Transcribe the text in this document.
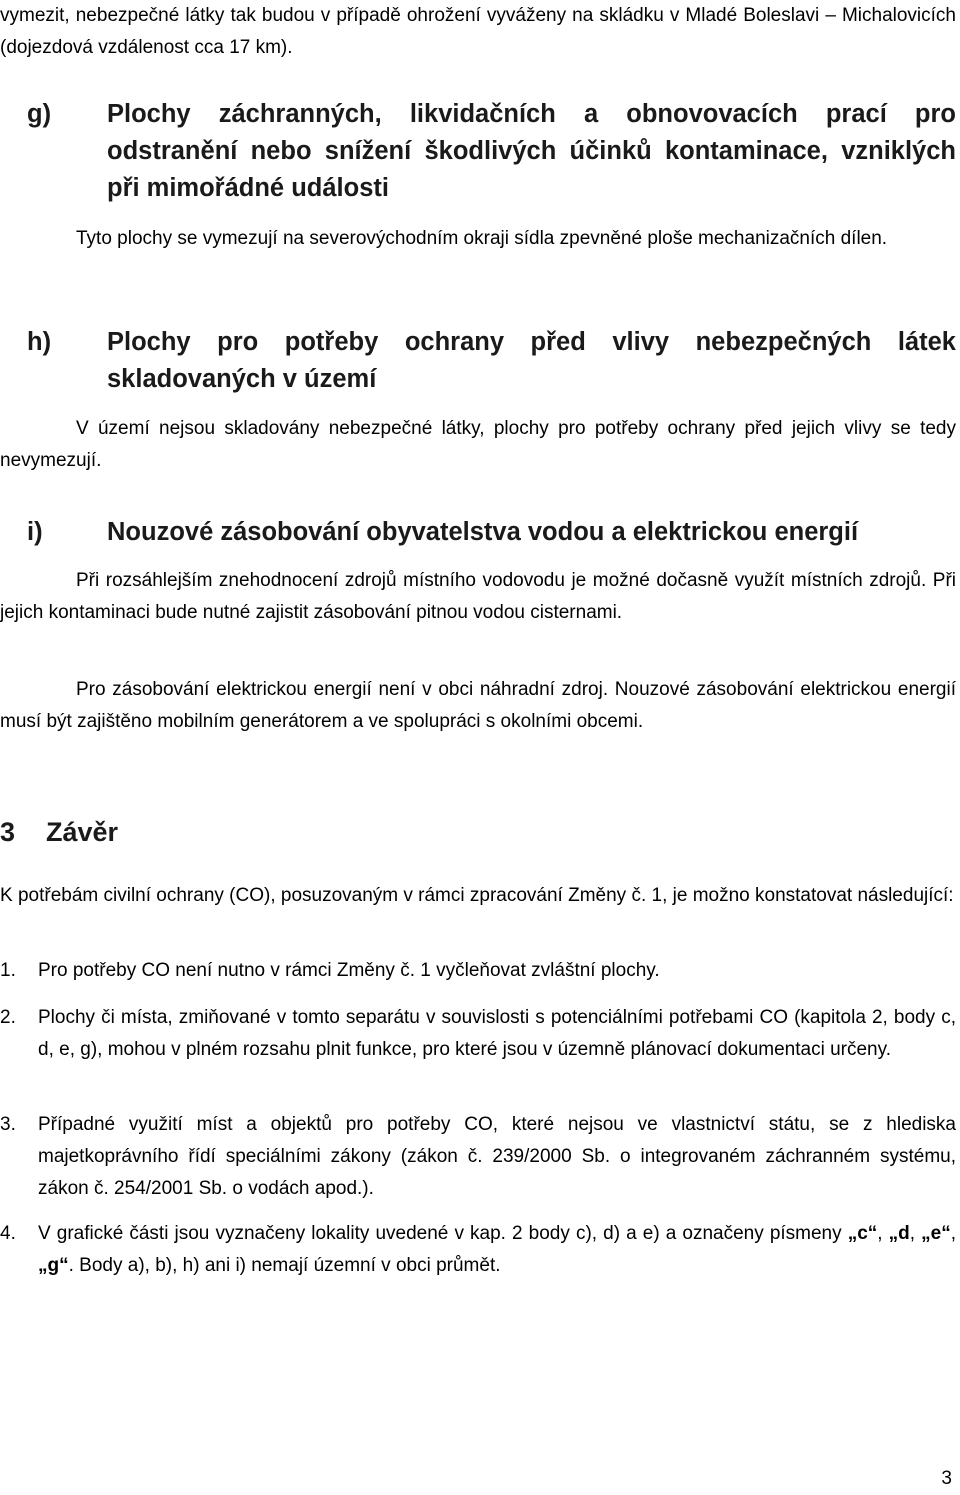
vymezit, nebezpečné látky tak budou v případě ohrožení vyváženy na skládku v Mladé Boleslavi – Michalovicích (dojezdová vzdálenost cca 17 km).

g) Plochy záchranných, likvidačních a obnovovacích prací pro odstranění nebo snížení škodlivých účinků kontaminace, vzniklých při mimořádné události

Tyto plochy se vymezují na severovýchodním okraji sídla zpevněné ploše mechanizačních dílen.

h) Plochy pro potřeby ochrany před vlivy nebezpečných látek skladovaných v území

V území nejsou skladovány nebezpečné látky, plochy pro potřeby ochrany před jejich vlivy se tedy nevymezují.

i)	Nouzové zásobování obyvatelstva vodou a elektrickou energií

Při rozsáhlejším znehodnocení zdrojů místního vodovodu je možné dočasně využít místních zdrojů. Při jejich kontaminaci bude nutné zajistit zásobování pitnou vodou cisternami.

Pro zásobování elektrickou energií není v obci náhradní zdroj. Nouzové zásobování elektrickou energií musí být zajištěno mobilním generátorem a ve spolupráci s okolními obcemi.

3 Závěr

K potřebám civilní ochrany (CO), posuzovaným v rámci zpracování Změny č. 1, je možno konstatovat následující:

1.	Pro potřeby CO není nutno v rámci Změny č. 1 vyčleňovat zvláštní plochy.
2.	Plochy či místa, zmiňované v tomto separátu v souvislosti s potenciálními potřebami CO (kapitola 2, body c, d, e, g), mohou v plném rozsahu plnit funkce, pro které jsou v územně plánovací dokumentaci určeny.
3.	Případné využití míst a objektů pro potřeby CO, které nejsou ve vlastnictví státu, se z hlediska majetkoprávního řídí speciálními zákony (zákon č. 239/2000 Sb. o integrovaném záchranném systému, zákon č. 254/2001 Sb. o vodách apod.).
4.	V grafické části jsou vyznačeny lokality uvedené v kap. 2 body c), d) a e) a označeny písmeny „c“, „d, „e“, „g“. Body a), b), h) ani i) nemají územní v obci průmět.
3
